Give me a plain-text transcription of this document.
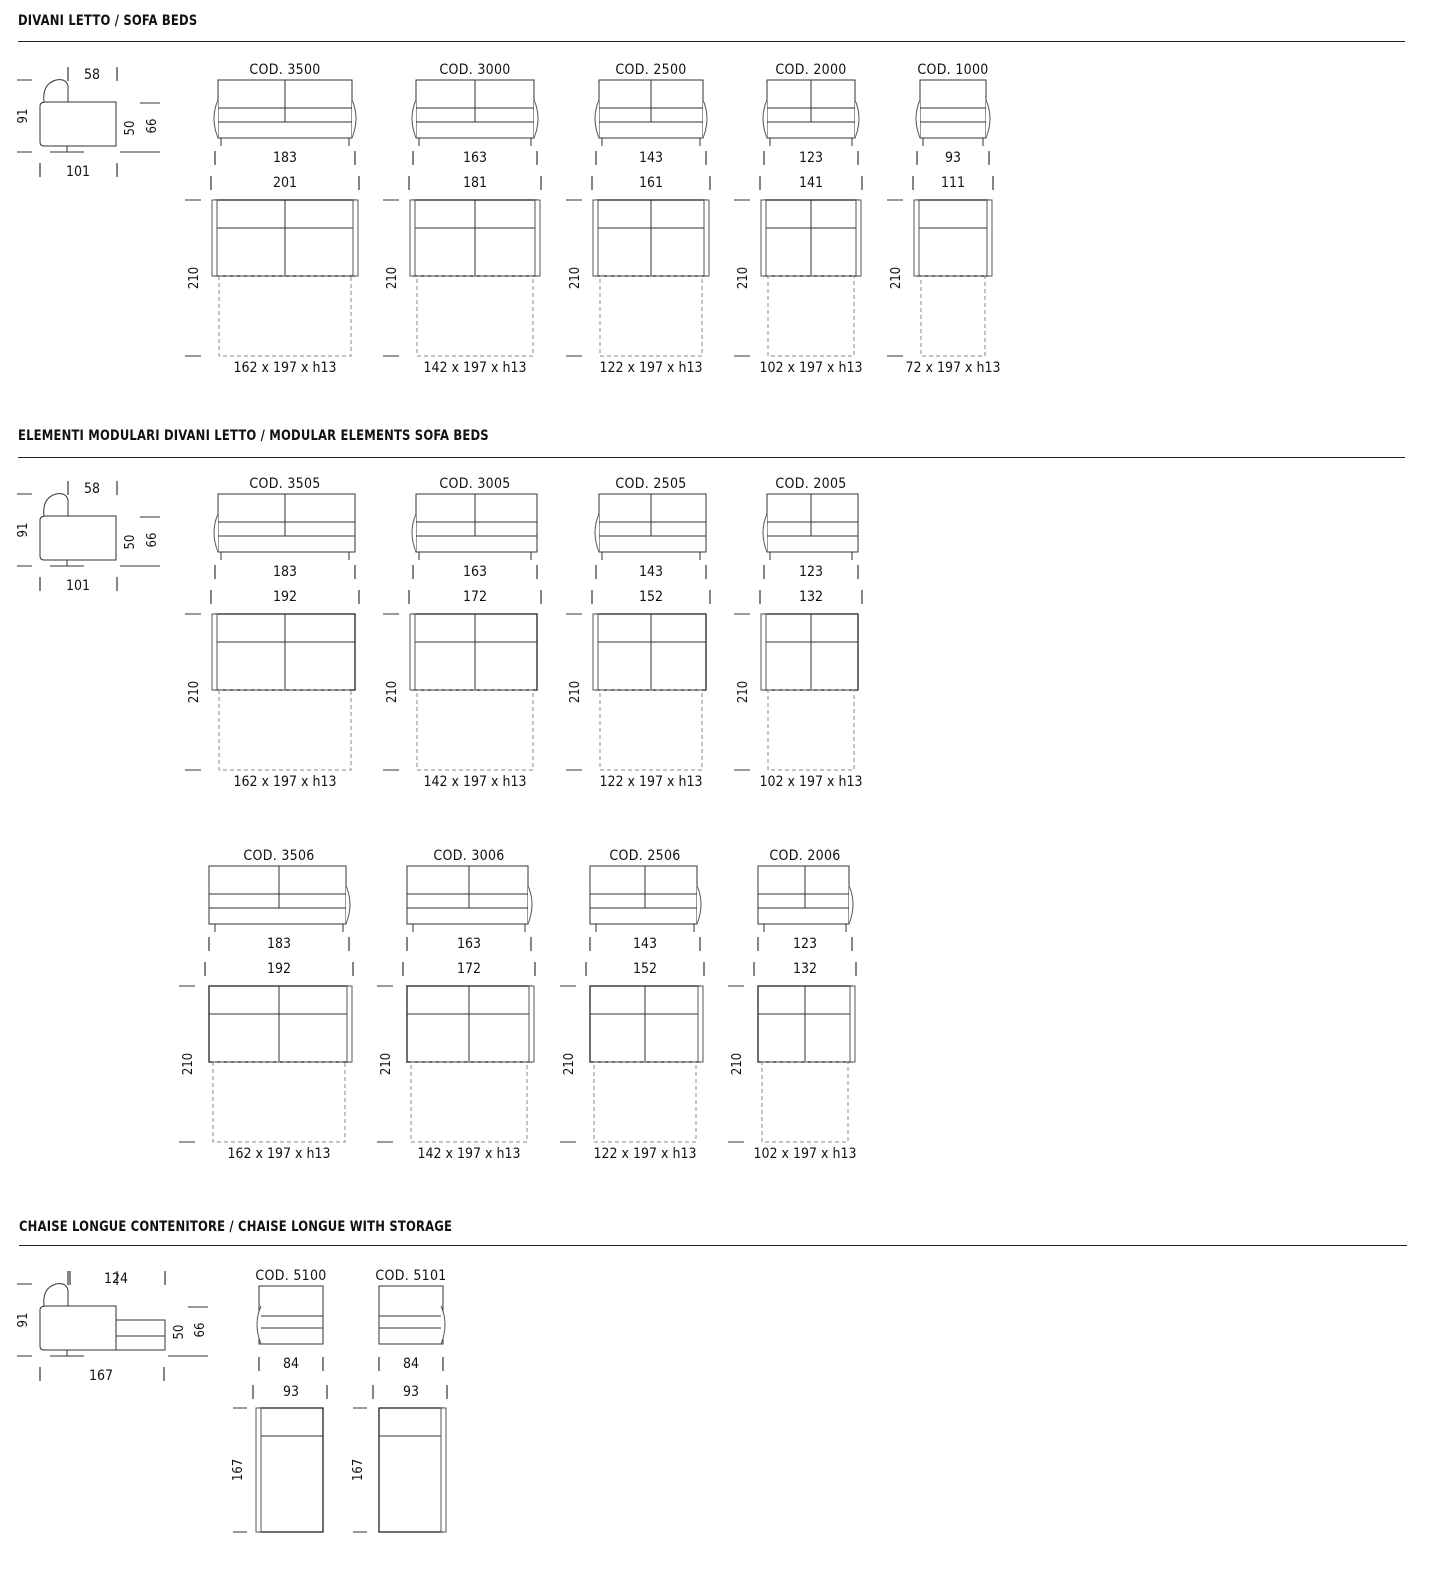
DIVANI LETTO / SOFA BEDS
ELEMENTI MODULARI DIVANI LETTO / MODULAR ELEMENTS SOFA BEDS
CHAISE LONGUE CONTENITORE / CHAISE LONGUE WITH STORAGE
58
91
50 66
101
COD. 3500
183
201
210
162 x 197 x h13
COD. 3000
163
181
210
142 x 197 x h13
COD. 2500
143
161
210
122 x 197 x h13
COD. 2000
123
141
210
102 x 197 x h13
COD. 1000
93
111
210
72 x 197 x h13
58
91
50 66
101
COD. 3505
183
192
210
162 x 197 x h13
COD. 3005
163
172
210
142 x 197 x h13
COD. 2505
143
152
210
122 x 197 x h13
COD. 2005
123
132
210
102 x 197 x h13
COD. 3506
183
192
210
162 x 197 x h13
COD. 3006
163
172
210
142 x 197 x h13
COD. 2506
143
152
210
122 x 197 x h13
COD. 2006
123
132
210
102 x 197 x h13
124
91
50 66
167
COD. 5100
84
93
167
COD. 5101
84
93
167
